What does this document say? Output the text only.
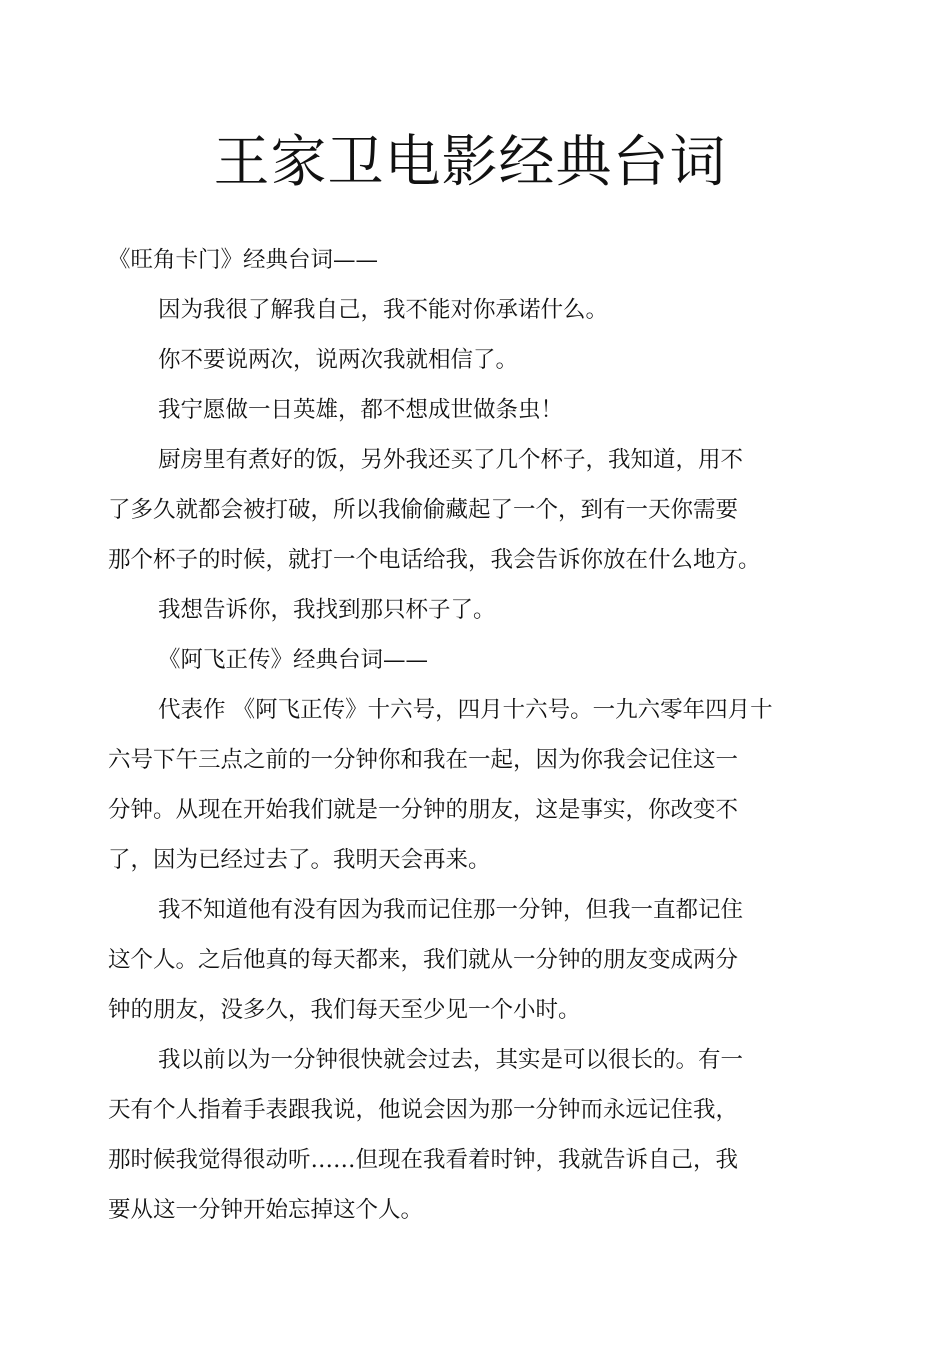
王家卫电影经典台词
《旺角卡门》经典台词——
因为我很了解我自己，我不能对你承诺什么。
你不要说两次，说两次我就相信了。
我宁愿做一日英雄，都不想成世做条虫！
厨房里有煮好的饭，另外我还买了几个杯子，我知道，用不
了多久就都会被打破，所以我偷偷藏起了一个，到有一天你需要
那个杯子的时候，就打一个电话给我，我会告诉你放在什么地方。
我想告诉你，我找到那只杯子了。
《阿飞正传》经典台词——
代表作 《阿飞正传》十六号，四月十六号。一九六零年四月十
六号下午三点之前的一分钟你和我在一起，因为你我会记住这一
分钟。从现在开始我们就是一分钟的朋友，这是事实，你改变不
了，因为已经过去了。我明天会再来。
我不知道他有没有因为我而记住那一分钟，但我一直都记住
这个人。之后他真的每天都来，我们就从一分钟的朋友变成两分
钟的朋友，没多久，我们每天至少见一个小时。
我以前以为一分钟很快就会过去，其实是可以很长的。有一
天有个人指着手表跟我说，他说会因为那一分钟而永远记住我，
那时候我觉得很动听……但现在我看着时钟，我就告诉自己，我
要从这一分钟开始忘掉这个人。
